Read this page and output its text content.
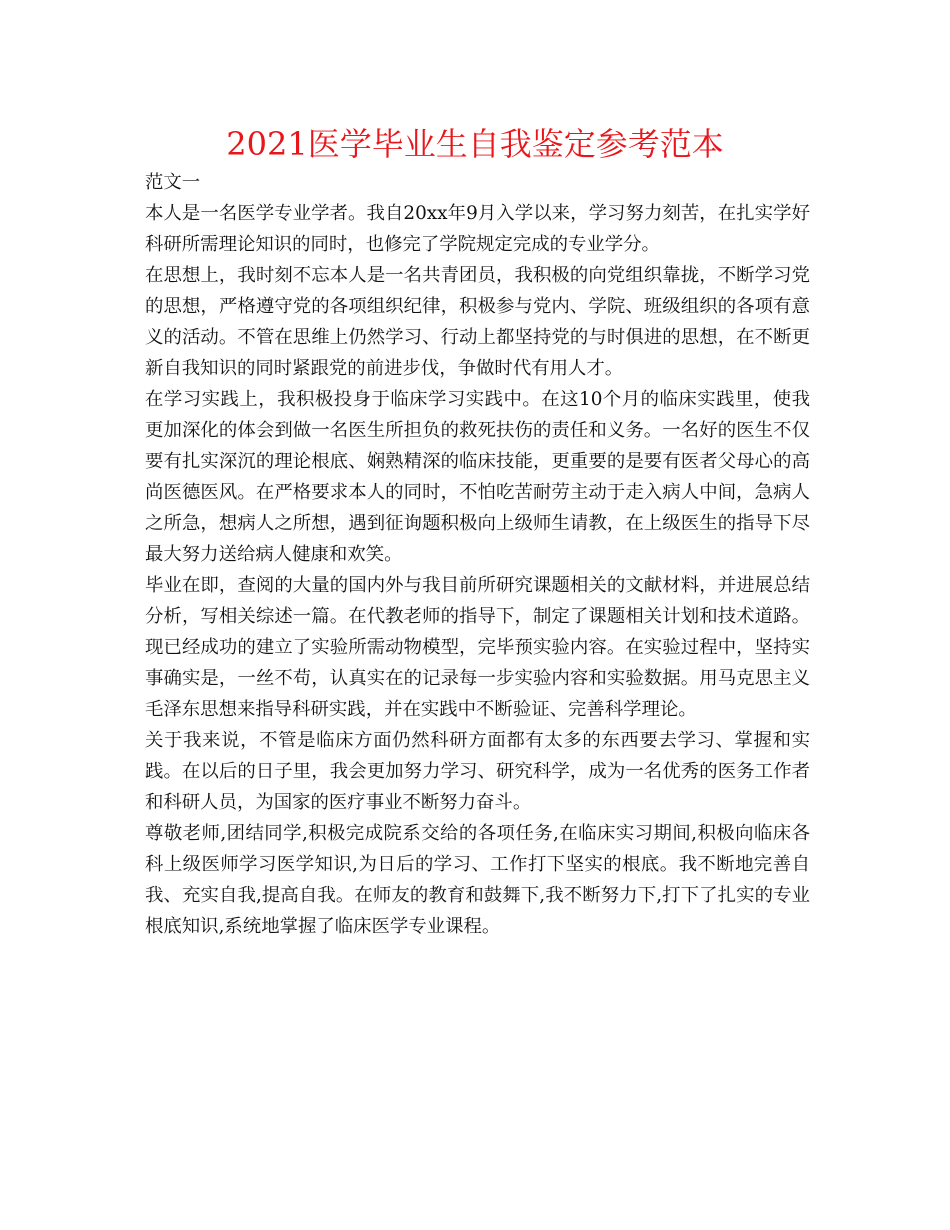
2021医学毕业生自我鉴定参考范本

范文一

本人是一名医学专业学者。我自20xx年9月入学以来，学习努力刻苦，在扎实学好科研所需理论知识的同时，也修完了学院规定完成的专业学分。

在思想上，我时刻不忘本人是一名共青团员，我积极的向党组织靠拢，不断学习党的思想，严格遵守党的各项组织纪律，积极参与党内、学院、班级组织的各项有意义的活动。不管在思维上仍然学习、行动上都坚持党的与时俱进的思想，在不断更新自我知识的同时紧跟党的前进步伐，争做时代有用人才。

在学习实践上，我积极投身于临床学习实践中。在这10个月的临床实践里，使我更加深化的体会到做一名医生所担负的救死扶伤的责任和义务。一名好的医生不仅要有扎实深沉的理论根底、娴熟精深的临床技能，更重要的是要有医者父母心的高尚医德医风。在严格要求本人的同时，不怕吃苦耐劳主动于走入病人中间，急病人之所急，想病人之所想，遇到征询题积极向上级师生请教，在上级医生的指导下尽最大努力送给病人健康和欢笑。

毕业在即，查阅的大量的国内外与我目前所研究课题相关的文献材料，并进展总结分析，写相关综述一篇。在代教老师的指导下，制定了课题相关计划和技术道路。现已经成功的建立了实验所需动物模型，完毕预实验内容。在实验过程中，坚持实事确实是，一丝不苟，认真实在的记录每一步实验内容和实验数据。用马克思主义毛泽东思想来指导科研实践，并在实践中不断验证、完善科学理论。

关于我来说，不管是临床方面仍然科研方面都有太多的东西要去学习、掌握和实践。在以后的日子里，我会更加努力学习、研究科学，成为一名优秀的医务工作者和科研人员，为国家的医疗事业不断努力奋斗。

尊敬老师,团结同学,积极完成院系交给的各项任务,在临床实习期间,积极向临床各科上级医师学习医学知识,为日后的学习、工作打下坚实的根底。我不断地完善自我、充实自我,提高自我。在师友的教育和鼓舞下,我不断努力下,打下了扎实的专业根底知识,系统地掌握了临床医学专业课程。
